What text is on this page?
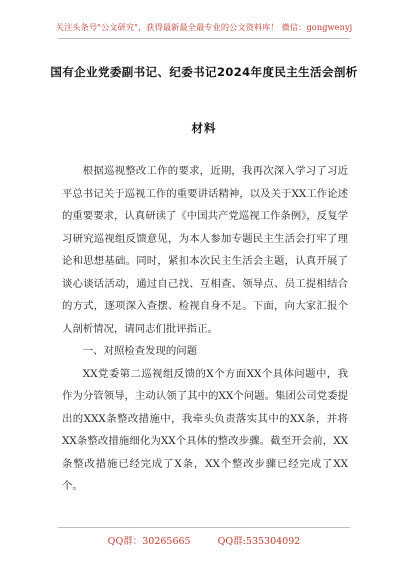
关注头条号"公文研究"，获得最新最全最专业的公文资料库！ 微信：gongwenyj
国有企业党委副书记、纪委书记2024年度民主生活会剖析
材料

根据巡视整改工作的要求，近期，我再次深入学习了习近平总书记关于巡视工作的重要讲话精神，以及关于XX工作论述的重要要求，认真研读了《中国共产党巡视工作条例》，反复学习研究巡视组反馈意见，为本人参加专题民主生活会打牢了理论和思想基础。同时，紧扣本次民主生活会主题，认真开展了谈心谈话活动，通过自己找、互相查、领导点、员工提相结合的方式，逐项深入查摆、检视自身不足。下面，向大家汇报个人剖析情况，请同志们批评指正。

一、对照检查发现的问题

XX党委第二巡视组反馈的X个方面XX个具体问题中，我作为分管领导，主动认领了其中的XX个问题。集团公司党委提出的XXX条整改措施中，我牵头负责落实其中的XX条，并将XX条整改措施细化为XX个具体的整改步骤。截至开会前，XX条整改措施已经完成了X条，XX个整改步骤已经完成了XX个。

QQ群：30265665	QQ群:535304092
